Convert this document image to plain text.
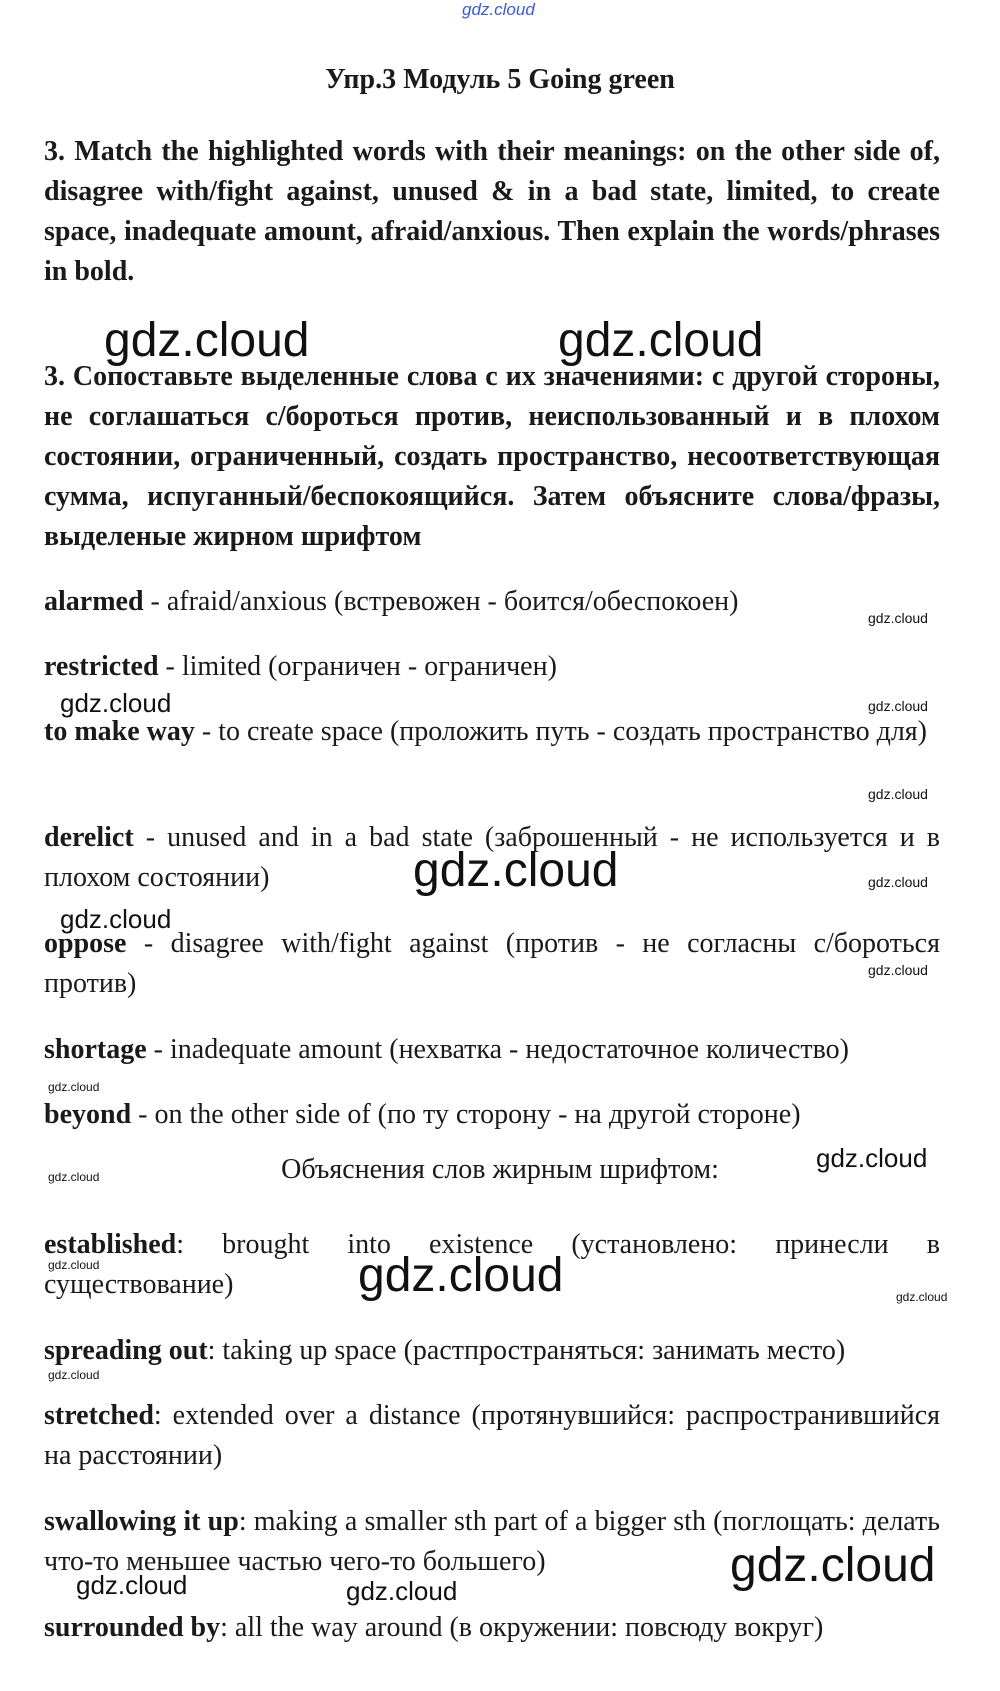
gdz.cloud
Упр.3 Модуль 5 Going green

3. Match the highlighted words with their meanings: on the other side of, disagree with/fight against, unused & in a bad state, limited, to create space, inadequate amount, afraid/anxious. Then explain the words/phrases in bold.

3. Сопоставьте выделенные слова с их значениями: с другой стороны, не соглашаться с/бороться против, неиспользованный и в плохом состоянии, ограниченный, создать пространство, несоответствующая сумма, испуганный/беспокоящийся. Затем объясните слова/фразы, выделеные жирном шрифтом

alarmed - afraid/anxious (встревожен - боится/обеспокоен)

restricted - limited (ограничен - ограничен)

to make way - to create space (проложить путь - создать пространство для)

derelict - unused and in a bad state (заброшенный - не используется и в плохом состоянии)

oppose - disagree with/fight against (против - не согласны с/бороться против)

shortage - inadequate amount (нехватка - недостаточное количество)

beyond - on the other side of (по ту сторону - на другой стороне)

Объяснения слов жирным шрифтом:

established: brought into existence (установлено: принесли в существование)

spreading out: taking up space (растпространяться: занимать место)

stretched: extended over a distance (протянувшийся: распространившийся на расстоянии)

swallowing it up: making a smaller sth part of a bigger sth (поглощать: делать что-то меньшее частью чего-то большего)

surrounded by: all the way around (в окружении: повсюду вокруг)

gdz.cloud	gdz.cloud
gdz.cloud
gdz.cloud	gdz.cloud
gdz.cloud
gdz.cloud	gdz.cloud
gdz.cloud
gdz.cloud
gdz.cloud
gdz.cloud
gdz.cloud
gdz.cloud	gdz.cloud	gdz.cloud
gdz.cloud
gdz.cloud
gdz.cloud	gdz.cloud
